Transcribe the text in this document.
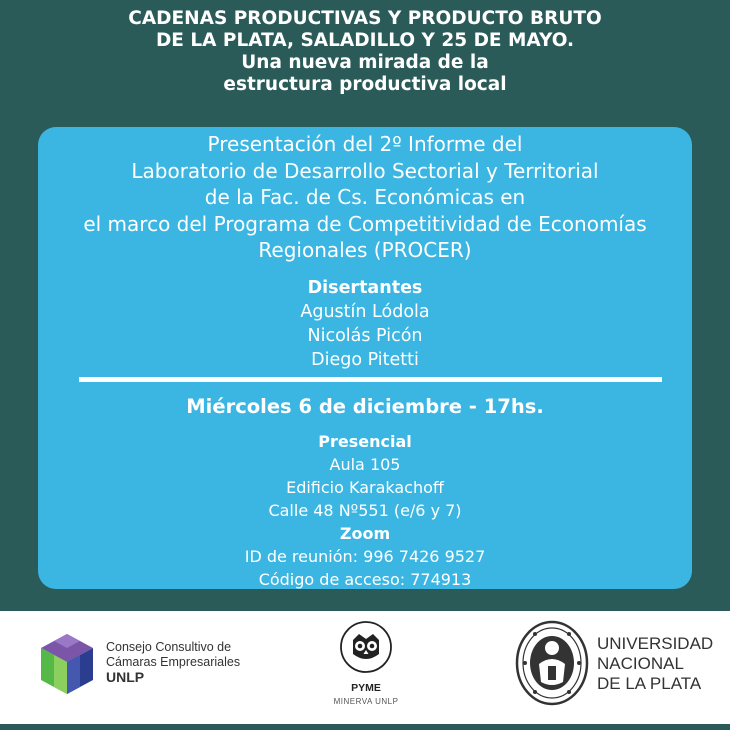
CADENAS PRODUCTIVAS Y PRODUCTO BRUTO
DE LA PLATA, SALADILLO Y 25 DE MAYO.
Una nueva mirada de la
estructura productiva local
Presentación del 2º Informe del
Laboratorio de Desarrollo Sectorial y Territorial
de la Fac. de Cs. Económicas en
el marco del Programa de Competitividad de Economías
Regionales (PROCER)
Disertantes
Agustín Lódola
Nicolás Picón
Diego Pitetti
Miércoles 6 de diciembre - 17hs.
Presencial
Aula 105
Edificio Karakachoff
Calle 48 Nº551 (e/6 y 7)
Zoom
ID de reunión: 996 7426 9527
Código de acceso: 774913
Consejo Consultivo de
Cámaras Empresariales
UNLP
PYME
MINERVA UNLP
UNIVERSIDAD
NACIONAL
DE LA PLATA
